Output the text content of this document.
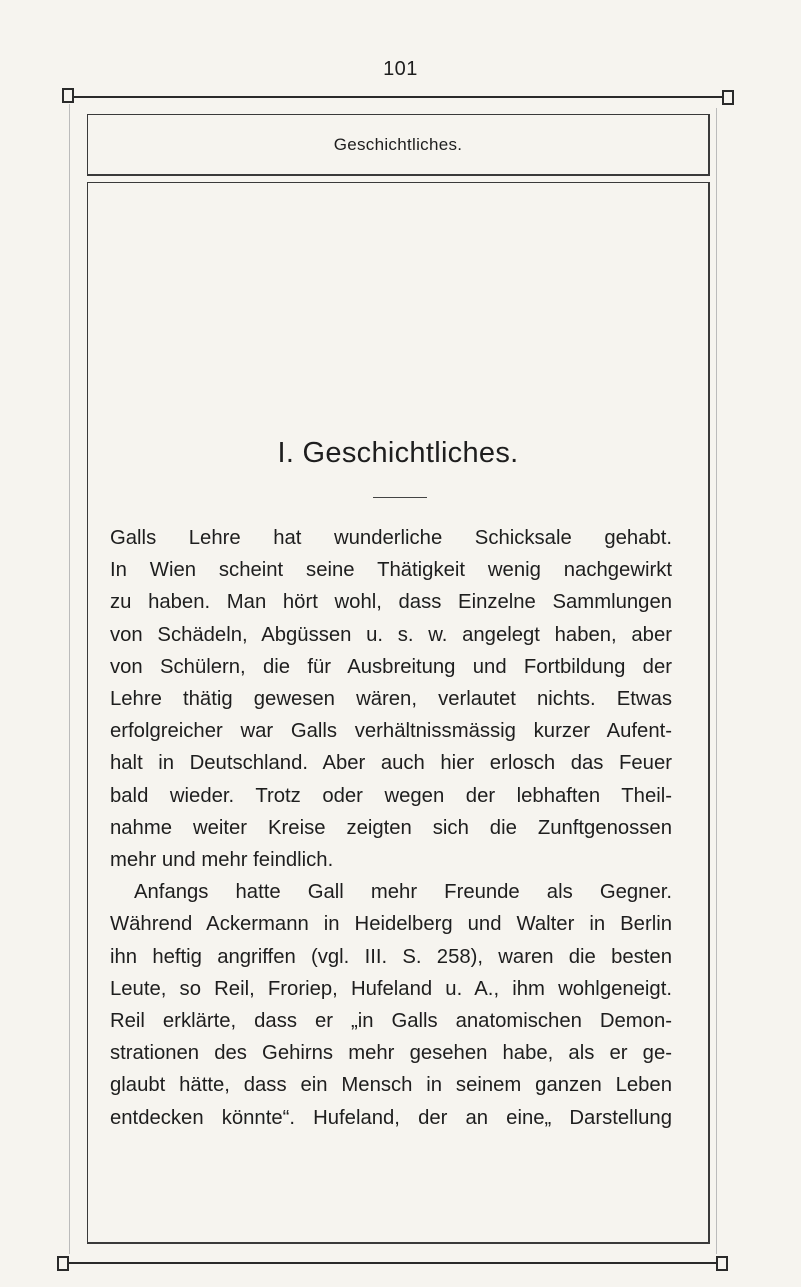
101
Geschichtliches.
I. Geschichtliches.
Galls Lehre hat wunderliche Schicksale gehabt.
In Wien scheint seine Thätigkeit wenig nachgewirkt
zu haben. Man hört wohl, dass Einzelne Sammlungen
von Schädeln, Abgüssen u. s. w. angelegt haben, aber
von Schülern, die für Ausbreitung und Fortbildung der
Lehre thätig gewesen wären, verlautet nichts. Etwas
erfolgreicher war Galls verhältnissmässig kurzer Aufent-
halt in Deutschland. Aber auch hier erlosch das Feuer
bald wieder. Trotz oder wegen der lebhaften Theil-
nahme weiter Kreise zeigten sich die Zunftgenossen
mehr und mehr feindlich.
Anfangs hatte Gall mehr Freunde als Gegner.
Während Ackermann in Heidelberg und Walter in Berlin
ihn heftig angriffen (vgl. III. S. 258), waren die besten
Leute, so Reil, Froriep, Hufeland u. A., ihm wohlgeneigt.
Reil erklärte, dass er „in Galls anatomischen Demon-
strationen des Gehirns mehr gesehen habe, als er ge-
glaubt hätte, dass ein Mensch in seinem ganzen Leben
entdecken könnte“. Hufeland, der an eine„ Darstellung
